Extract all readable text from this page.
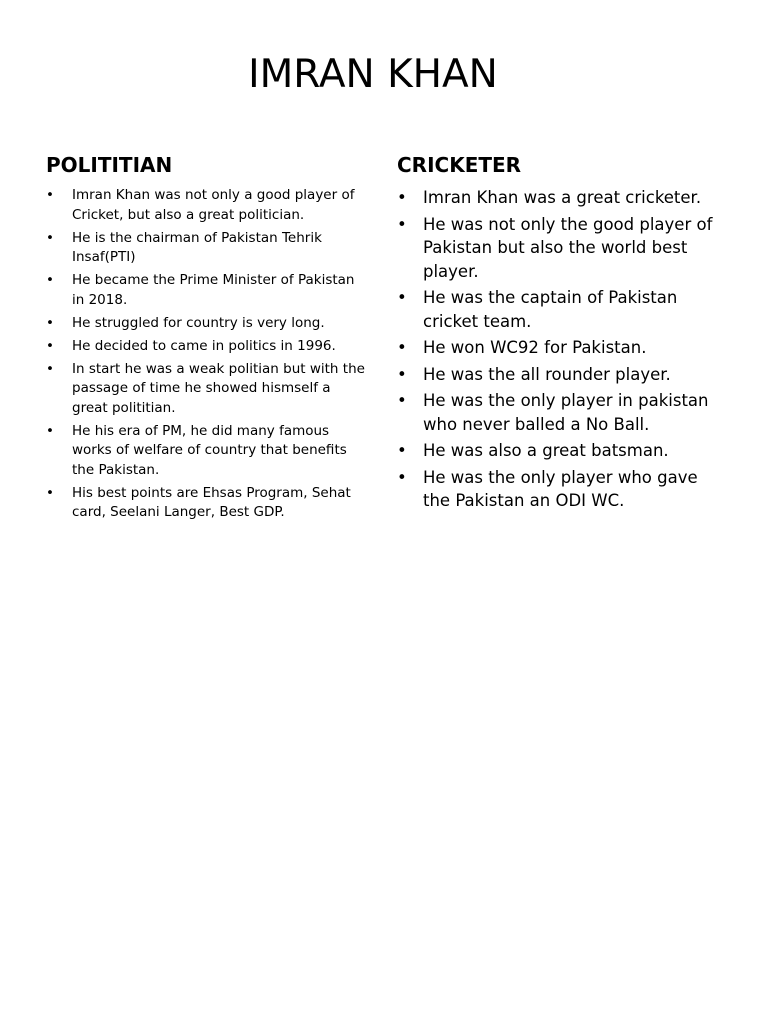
IMRAN KHAN
POLITITIAN
• Imran Khan was not only a good player of Cricket, but also a great politician.
• He is the chairman of Pakistan Tehrik Insaf(PTI)
• He became the Prime Minister of Pakistan in 2018.
• He struggled for country is very long.
• He decided to came in politics in 1996.
• In start he was a weak politian but with the passage of time he showed hismself a great polititian.
• He his era of PM, he did many famous works of welfare of country that benefits the Pakistan.
• His best points are Ehsas Program, Sehat card, Seelani Langer, Best GDP.
CRICKETER
• Imran Khan was a great cricketer.
• He was not only the good player of Pakistan but also the world best player.
• He was the captain of Pakistan cricket team.
• He won WC92 for Pakistan.
• He was the all rounder player.
• He was the only player in pakistan who never balled a No Ball.
• He was also a great batsman.
• He was the only player who gave the Pakistan an ODI WC.
